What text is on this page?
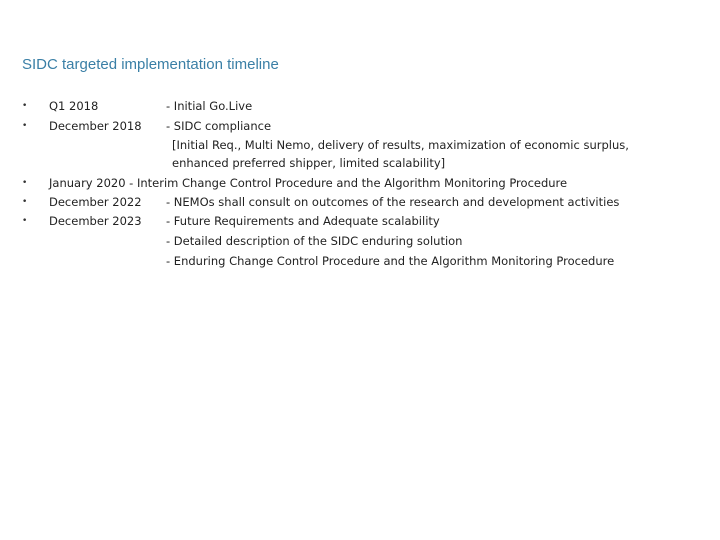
SIDC targeted implementation timeline
•
•
•
•
•
Q1 2018	- Initial Go.Live
December 2018 - SIDC compliance
[Initial Req., Multi Nemo, delivery of results, maximization of economic surplus,
enhanced preferred shipper, limited scalability]
January 2020 - Interim Change Control Procedure and the Algorithm Monitoring Procedure
December 2022 - NEMOs shall consult on outcomes of the research and development activities
December 2023 - Future Requirements and Adequate scalability
- Detailed description of the SIDC enduring solution
- Enduring Change Control Procedure and the Algorithm Monitoring Procedure
